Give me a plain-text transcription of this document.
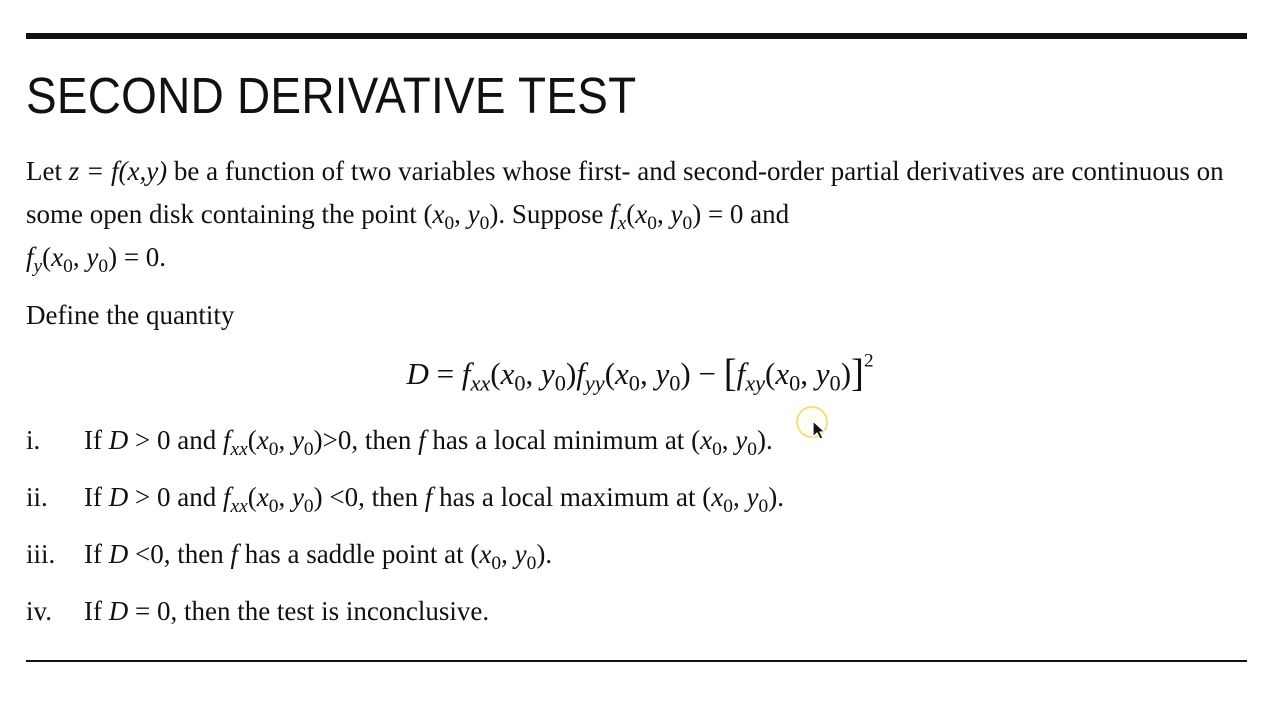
SECOND DERIVATIVE TEST

Let z = f(x,y) be a function of two variables whose first- and second-order partial derivatives are continuous on some open disk containing the point ($x_0$, $y_0$). Suppose $f_x(x_0$, $y_0) = 0$ and
$f_y(x_0$, $y_0) = 0$.

Define the quantity

$D = f_{xx}(x_0$, $y_0)f_{yy}(x_0$, $y_0) - [f_{xy}(x_0$, $y_0)]^2$
i.	If D > 0 and $f_{xx}(x_0$, $y_0)>0$, then f has a local minimum at ($x_0$, $y_0$).
ii.	If D > 0 and $f_{xx}(x_0$, $y_0) <0$, then f has a local maximum at ($x_0$, $y_0$).
iii.	If D <0, then f has a saddle point at ($x_0$, $y_0$).
iv.	If D = 0, then the test is inconclusive.
